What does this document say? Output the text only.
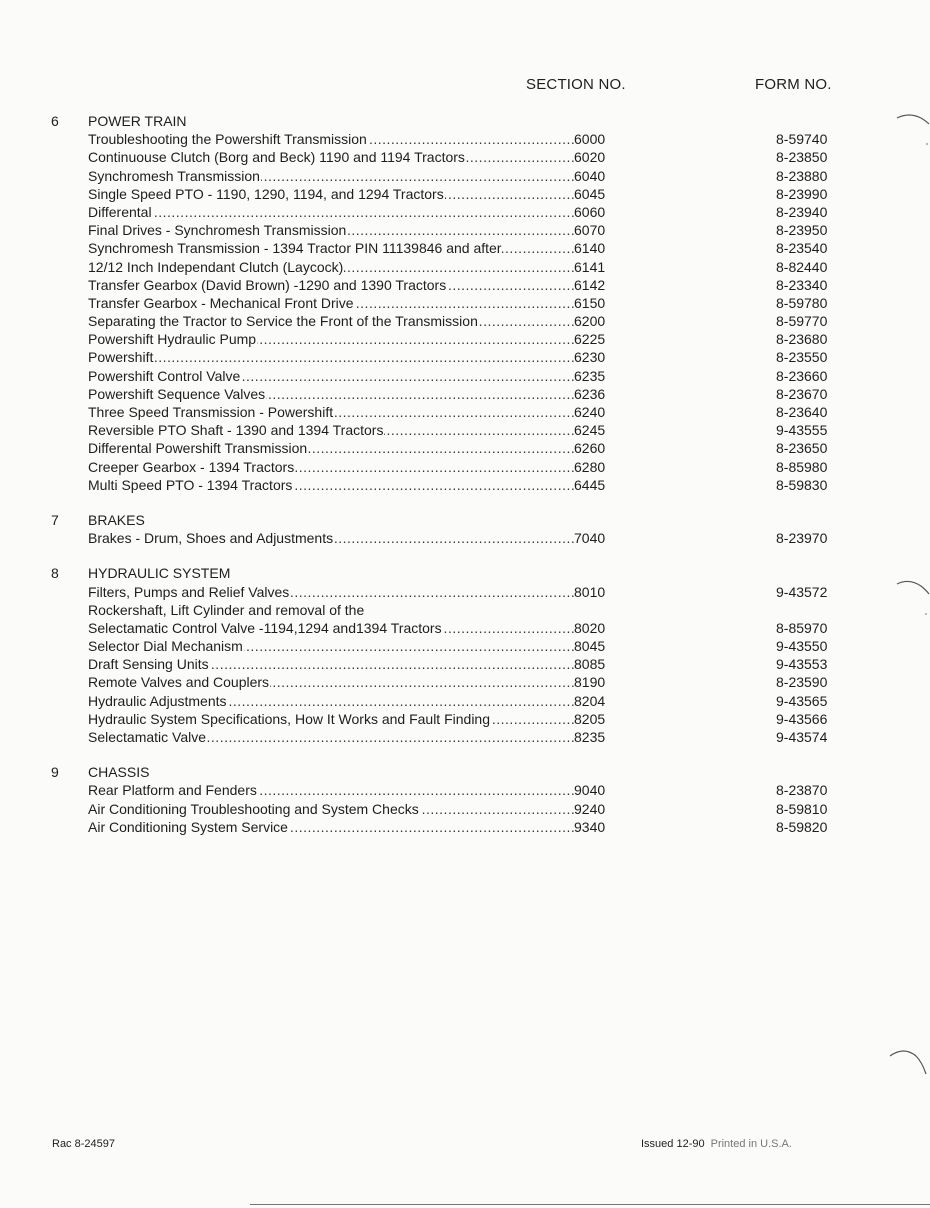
SECTION NO.	FORM NO.
6	POWER TRAIN
Troubleshooting the Powershift Transmission .....	6000	8-59740
Continuouse Clutch (Borg and Beck) 1190 and 1194 Tractors .....	6020	8-23850
Synchromesh Transmission .....	6040	8-23880
Single Speed PTO - 1190, 1290, 1194, and 1294 Tractors .....	6045	8-23990
Differental .....	6060	8-23940
Final Drives - Synchromesh Transmission .....	6070	8-23950
Synchromesh Transmission - 1394 Tractor PIN 11139846 and after .....	6140	8-23540
12/12 Inch Independant Clutch (Laycock) .....	6141	8-82440
Transfer Gearbox (David Brown) -1290 and 1390 Tractors .....	6142	8-23340
Transfer Gearbox - Mechanical Front Drive .....	6150	8-59780
Separating the Tractor to Service the Front of the Transmission .....	6200	8-59770
Powershift Hydraulic Pump .....	6225	8-23680
Powershift .....	6230	8-23550
Powershift Control Valve .....	6235	8-23660
Powershift Sequence Valves .....	6236	8-23670
Three Speed Transmission - Powershift .....	6240	8-23640
Reversible PTO Shaft - 1390 and 1394 Tractors .....	6245	9-43555
Differental Powershift Transmission .....	6260	8-23650
Creeper Gearbox - 1394 Tractors .....	6280	8-85980
Multi Speed PTO - 1394 Tractors .....	6445	8-59830
7	BRAKES
Brakes - Drum, Shoes and Adjustments .....	7040	8-23970
8	HYDRAULIC SYSTEM
Filters, Pumps and Relief Valves .....	8010	9-43572
Rockershaft, Lift Cylinder and removal of the
Selectamatic Control Valve -1194,1294 and1394 Tractors .....	8020	8-85970
Selector Dial Mechanism .....	8045	9-43550
Draft Sensing Units .....	8085	9-43553
Remote Valves and Couplers .....	8190	8-23590
Hydraulic Adjustments .....	8204	9-43565
Hydraulic System Specifications, How It Works and Fault Finding .....	8205	9-43566
Selectamatic Valve .....	8235	9-43574
9	CHASSIS
Rear Platform and Fenders .....	9040	8-23870
Air Conditioning Troubleshooting and System Checks .....	9240	8-59810
Air Conditioning System Service .....	9340	8-59820
Rac 8-24597	Issued 12-90 Printed in U.S.A.
